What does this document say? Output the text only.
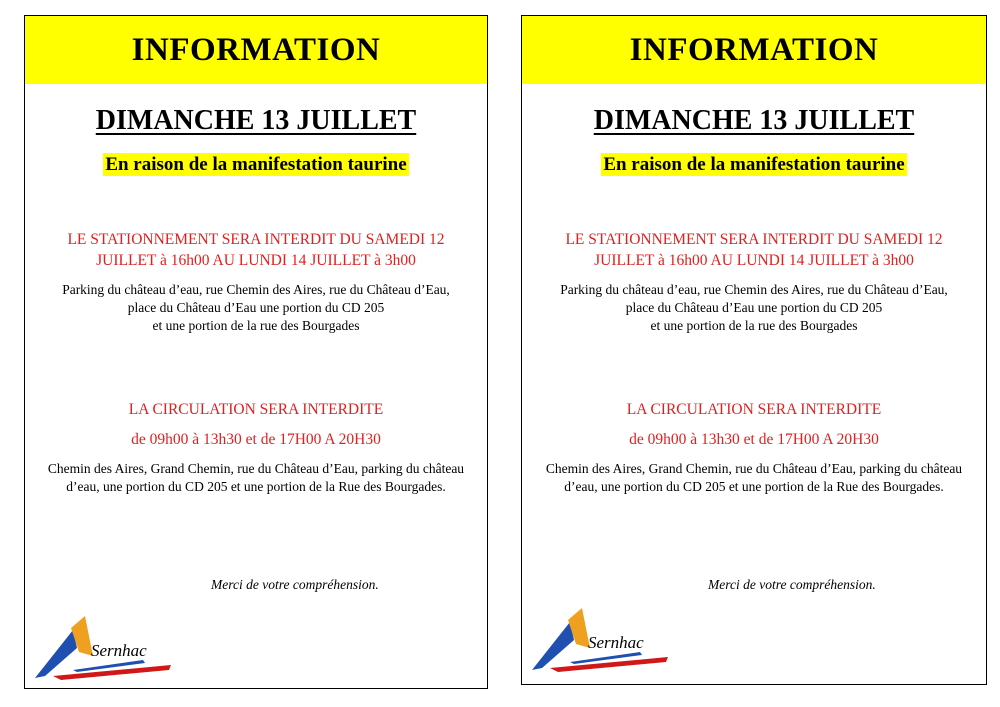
INFORMATION
DIMANCHE 13 JUILLET
En raison de la manifestation taurine
LE STATIONNEMENT SERA INTERDIT DU SAMEDI 12
JUILLET à 16h00 AU LUNDI 14 JUILLET à 3h00
Parking du château d’eau, rue Chemin des Aires, rue du Château d’Eau,
place du Château d’Eau une portion du CD 205
et une portion de la rue des Bourgades
LA CIRCULATION SERA INTERDITE
de 09h00 à 13h30 et de 17H00 A 20H30
Chemin des Aires, Grand Chemin, rue du Château d’Eau, parking du château
d’eau, une portion du CD 205 et une portion de la Rue des Bourgades.
Merci de votre compréhension.
Sernhac
INFORMATION
DIMANCHE 13 JUILLET
En raison de la manifestation taurine
LE STATIONNEMENT SERA INTERDIT DU SAMEDI 12
JUILLET à 16h00 AU LUNDI 14 JUILLET à 3h00
Parking du château d’eau, rue Chemin des Aires, rue du Château d’Eau,
place du Château d’Eau une portion du CD 205
et une portion de la rue des Bourgades
LA CIRCULATION SERA INTERDITE
de 09h00 à 13h30 et de 17H00 A 20H30
Chemin des Aires, Grand Chemin, rue du Château d’Eau, parking du château
d’eau, une portion du CD 205 et une portion de la Rue des Bourgades.
Merci de votre compréhension.
Sernhac
